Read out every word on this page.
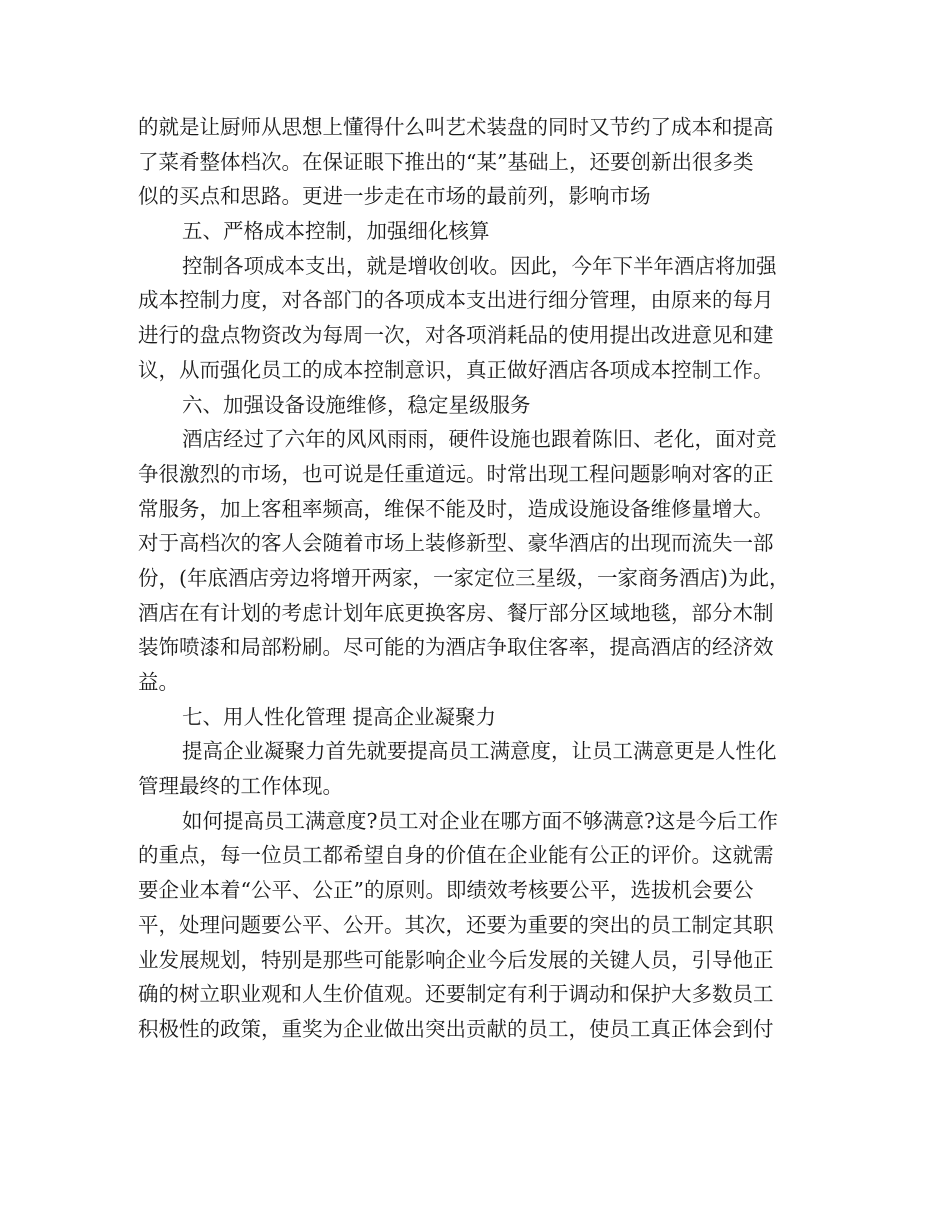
的就是让厨师从思想上懂得什么叫艺术装盘的同时又节约了成本和提高
了菜肴整体档次。在保证眼下推出的“某”基础上，还要创新出很多类
似的买点和思路。更进一步走在市场的最前列，影响市场
五、严格成本控制，加强细化核算
控制各项成本支出，就是增收创收。因此，今年下半年酒店将加强
成本控制力度，对各部门的各项成本支出进行细分管理，由原来的每月
进行的盘点物资改为每周一次，对各项消耗品的使用提出改进意见和建
议，从而强化员工的成本控制意识，真正做好酒店各项成本控制工作。
六、加强设备设施维修，稳定星级服务
酒店经过了六年的风风雨雨，硬件设施也跟着陈旧、老化，面对竞
争很激烈的市场，也可说是任重道远。时常出现工程问题影响对客的正
常服务，加上客租率频高，维保不能及时，造成设施设备维修量增大。
对于高档次的客人会随着市场上装修新型、豪华酒店的出现而流失一部
份，(年底酒店旁边将增开两家，一家定位三星级，一家商务酒店)为此，
酒店在有计划的考虑计划年底更换客房、餐厅部分区域地毯，部分木制
装饰喷漆和局部粉刷。尽可能的为酒店争取住客率，提高酒店的经济效
益。
七、用人性化管理 提高企业凝聚力
提高企业凝聚力首先就要提高员工满意度，让员工满意更是人性化
管理最终的工作体现。
如何提高员工满意度?员工对企业在哪方面不够满意?这是今后工作
的重点，每一位员工都希望自身的价值在企业能有公正的评价。这就需
要企业本着“公平、公正”的原则。即绩效考核要公平，选拔机会要公
平，处理问题要公平、公开。其次，还要为重要的突出的员工制定其职
业发展规划，特别是那些可能影响企业今后发展的关键人员，引导他正
确的树立职业观和人生价值观。还要制定有利于调动和保护大多数员工
积极性的政策，重奖为企业做出突出贡献的员工，使员工真正体会到付
